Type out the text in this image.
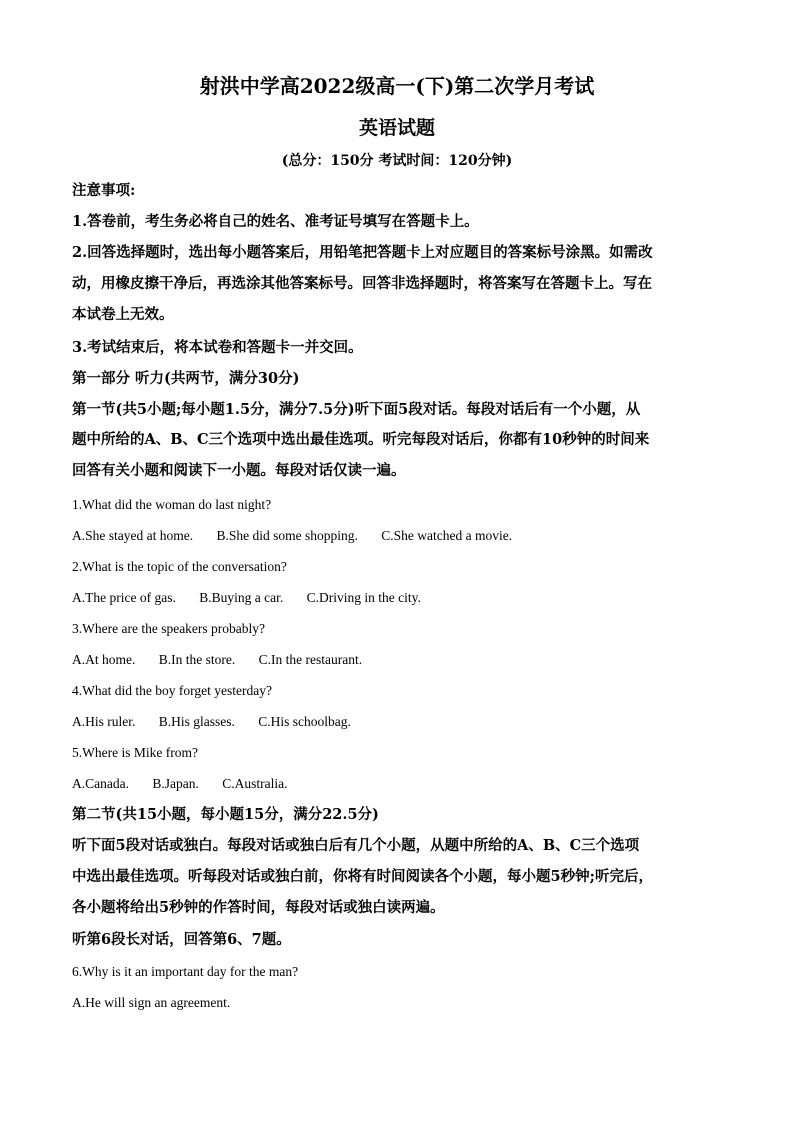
射洪中学高2022级高一(下)第二次学月考试
英语试题
(总分：150分 考试时间：120分钟)
注意事项:
1.答卷前，考生务必将自己的姓名、准考证号填写在答题卡上。
2.回答选择题时，选出每小题答案后，用铅笔把答题卡上对应题目的答案标号涂黑。如需改
动，用橡皮擦干净后，再选涂其他答案标号。回答非选择题时，将答案写在答题卡上。写在
本试卷上无效。
3.考试结束后，将本试卷和答题卡一并交回。
第一部分 听力(共两节，满分30分)
第一节(共5小题;每小题1.5分，满分7.5分)听下面5段对话。每段对话后有一个小题，从
题中所给的A、B、C三个选项中选出最佳选项。听完每段对话后，你都有10秒钟的时间来
回答有关小题和阅读下一小题。每段对话仅读一遍。
1.What did the woman do last night?
A.She stayed at home. B.She did some shopping. C.She watched a movie.
2.What is the topic of the conversation?
A.The price of gas. B.Buying a car. C.Driving in the city.
3.Where are the speakers probably?
A.At home. B.In the store. C.In the restaurant.
4.What did the boy forget yesterday?
A.His ruler. B.His glasses. C.His schoolbag.
5.Where is Mike from?
A.Canada. B.Japan. C.Australia.
第二节(共15小题，每小题15分，满分22.5分)
听下面5段对话或独白。每段对话或独白后有几个小题，从题中所给的A、B、C三个选项
中选出最佳选项。听每段对话或独白前，你将有时间阅读各个小题，每小题5秒钟;听完后，
各小题将给出5秒钟的作答时间，每段对话或独白读两遍。
听第6段长对话，回答第6、7题。
6.Why is it an important day for the man?
A.He will sign an agreement.
